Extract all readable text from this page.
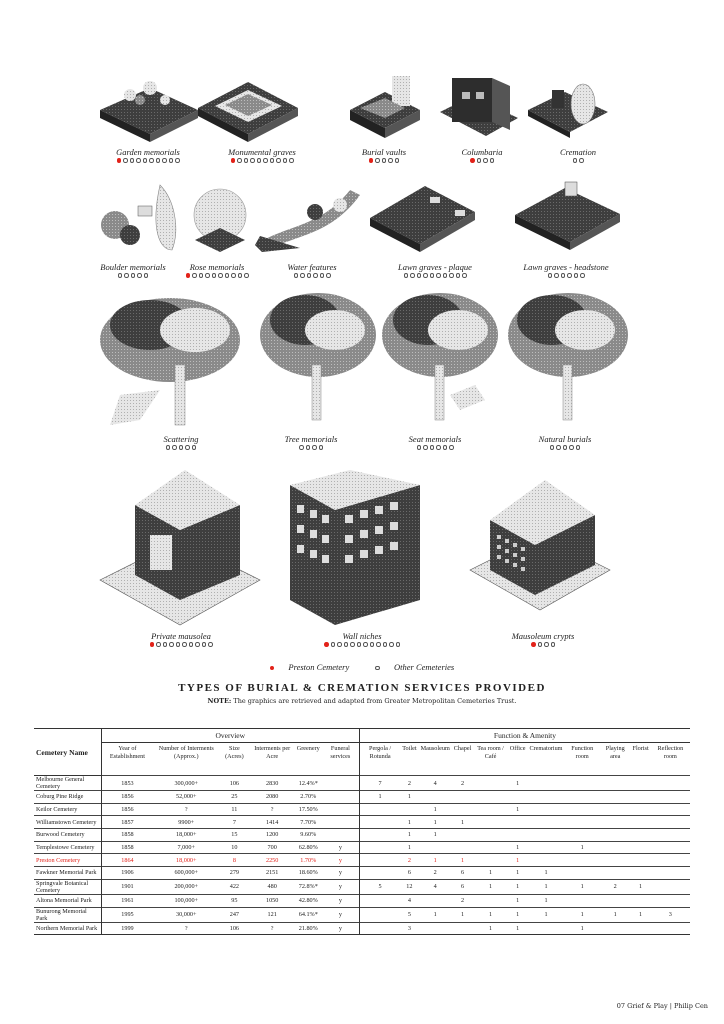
Garden memorials	Monumental graves	Burial vaults	Columbaria	Cremation
Boulder memorials	Rose memorials	Water features	Lawn graves - plaque	Lawn graves - headstone
Scattering	Tree memorials	Seat memorials	Natural burials
Private mausolea	Wall niches	Mausoleum crypts
Preston Cemetery	Other Cemeteries
TYPES OF BURIAL & CREMATION SERVICES PROVIDED
NOTE: The graphics are retrieved and adapted from Greater Metropolitan Cemeteries Trust.
Cemetery Name	Overview						Function & Amenity										
	Year of Establishment	Number of Interments (Approx.)	Size (Acres)	Interments per Acre	Greenery	Funeral services	Pergola / Rotunda	Toilet	Mausoleum	Chapel	Tea room / Café	Office	Crematorium	Function room	Playing area	Florist	Reflection room
Melbourne General Cemetery	1853	300,000+	106	2830	12.4%*		7	2	4	2		1					
Coburg Pine Ridge	1856	52,000+	25	2080	2.70%		1	1									
Keilor Cemetery	1856	?	11	?	17.50%				1			1					
Williamstown Cemetery	1857	9900+	7	1414	7.70%			1	1	1							
Burwood Cemetery	1858	18,000+	15	1200	9.60%			1	1								
Templestowe Cemetery	1858	7,000+	10	700	62.80%	y		1				1		1			
Preston Cemetery	1864	18,000+	8	2250	1.70%	y		2	1	1		1					
Fawkner Memorial Park	1906	600,000+	279	2151	18.60%	y		6	2	6	1	1	1				
Springvale Botanical Cemetery	1901	200,000+	422	480	72.8%*	y	5	12	4	6	1	1	1	1	2	1	
Altona Memorial Park	1961	100,000+	95	1050	42.80%	y		4		2		1	1				
Bunurong Memorial Park	1995	30,000+	247	121	64.1%*	y		5	1	1	1	1	1	1	1	1	3
Northern Memorial Park	1999	?	106	?	21.80%	y		3			1	1		1			
07 Grief & Play | Philip Cen
